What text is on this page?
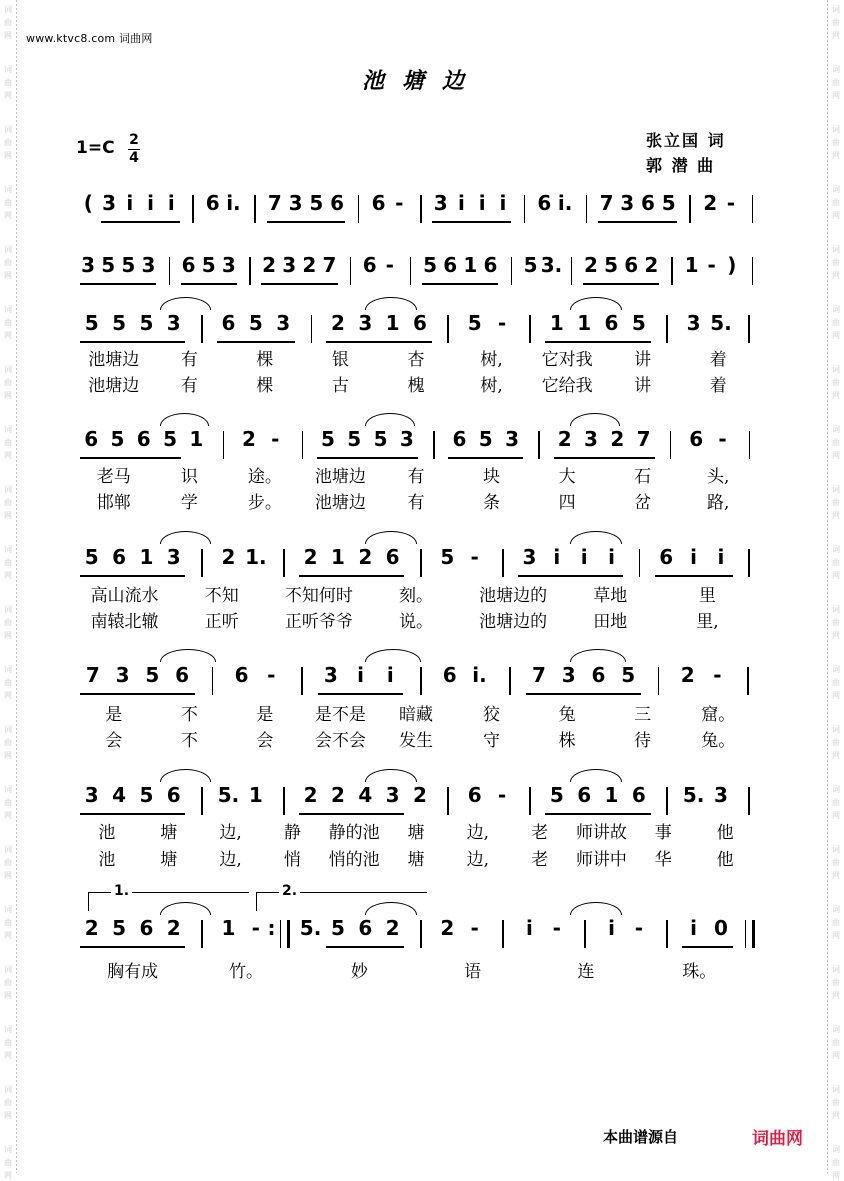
词
曲
网
词
曲
网
词
曲
网
词
曲
网
词
曲
网
词
曲
网
词
曲
网
词
曲
网
词
曲
网
词
曲
网
词
曲
网
词
曲
网
词
曲
网
词
曲
网
词
曲
网
词
曲
网
词
曲
网
词
曲
网
词
曲
网
词
曲
网
词
曲
网
词
曲
网
词
曲
网
词
曲
网
词
曲
网
词
曲
网
词
曲
网
词
曲
网
词
曲
网
词
曲
网
词
曲
网
词
曲
网
词
曲
网
词
曲
网
词
曲
网
词
曲
网
词
曲
网
词
曲
网
词
曲
网
词
曲
网
www.ktvc8.com 词曲网
池塘边
1=C 2
4
张立国 词
郭 潜 曲
( 3 i i i	6 i. 7 3 5 6 6 -	3 i i i	6 i. 7 3 6 5 2 -
3 5 5 3 6 5 3 2 3 2 7 6 - 5 6 1 6 5 3. 2 5 6 2 1 - )
5 5 5 3	6 5 3	2 3 1 6	5 -	1 1 6 5	3 5.
池塘边	有	棵	银	杏	树,	它对我	讲	着
池塘边	有	棵	古	槐	树,	它给我	讲	着
6 5 6 5 1	2 -	5 5 5 3	6 5 3	2 3 2 7	6 -
老马	识	途。	池塘边	有	块	大	石	头,
邯郸	学	步。	池塘边	有	条	四	岔	路,
5 6 1 3	2 1.	2 1 2 6	5 -	3 i	i	i	6 i	i
高山流水	不知	不知何时	刻。	池塘边的	草地	里
南辕北辙	正听	正听爷爷	说。	池塘边的	田地	里,
7 3 5 6	6 -	3 i	i	6 i.	7 3 6 5	2 -
是	不	是	是不是	暗藏	狡	兔	三	窟。
会	不	会	会不会	发生	守	株	待	兔。
3 4 5 6	5. 1	2 2 4 3 2	6 -	5 6 1 6	5. 3
池	塘	边,	静	静的池	塘	边,	老	师讲故	事	他
池	塘	边,	悄	悄的池	塘	边,	老	师讲中	华	他
2 5 6 2	1 - : 5. 5 6 2	2 -	i -	i -	i 0
1.	2.
胸有成	竹。	妙	语	连	珠。
本曲谱源自	词曲网
